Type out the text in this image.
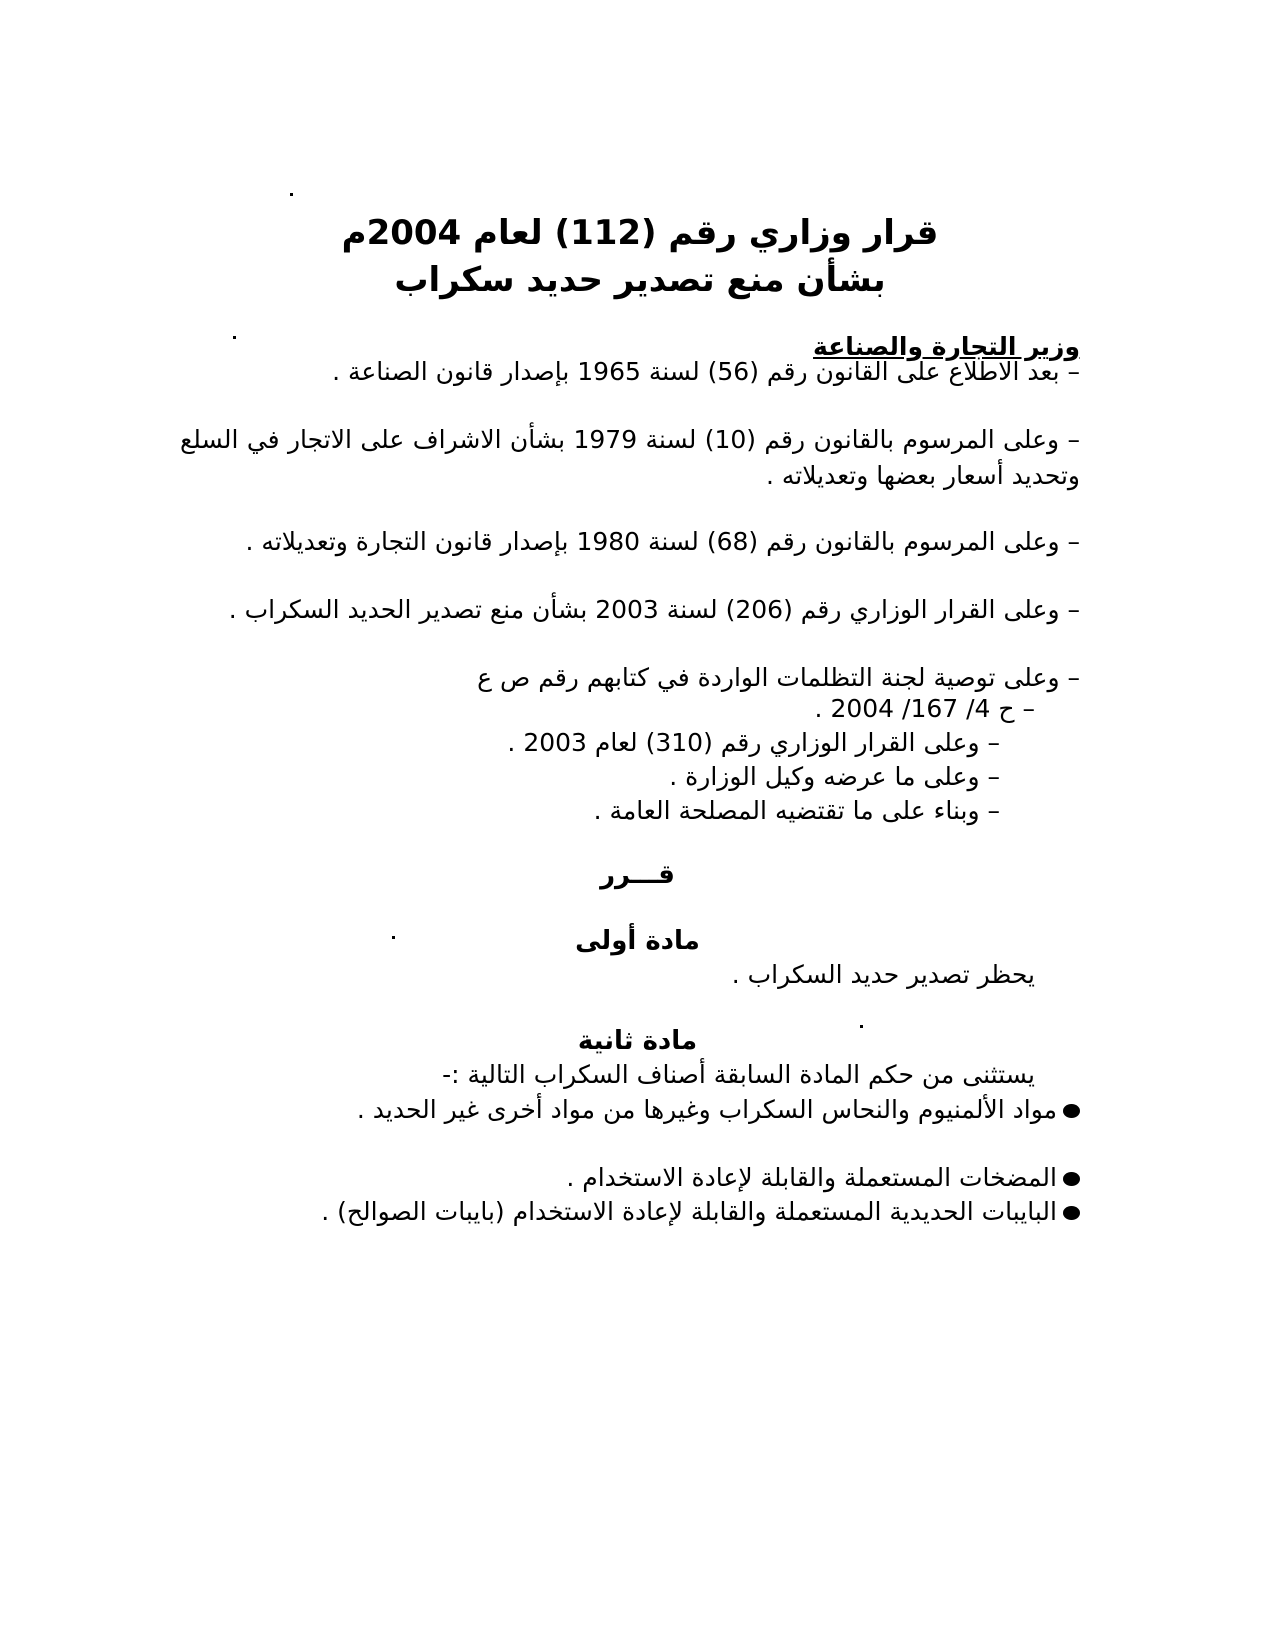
قرار وزاري رقم (112) لعام 2004م
بشأن منع تصدير حديد سكراب
وزير التجارة والصناعة
– بعد الاطلاع على القانون رقم (56) لسنة 1965 بإصدار قانون الصناعة .
– وعلى المرسوم بالقانون رقم (10) لسنة 1979 بشأن الاشراف على الاتجار في السلع وتحديد أسعار بعضها وتعديلاته .
– وعلى المرسوم بالقانون رقم (68) لسنة 1980 بإصدار قانون التجارة وتعديلاته .
– وعلى القرار الوزاري رقم (206) لسنة 2003 بشأن منع تصدير الحديد السكراب .
– وعلى توصية لجنة التظلمات الواردة في كتابهم رقم ص ع
– ح 4/ 167/ 2004 .
– وعلى القرار الوزاري رقم (310) لعام 2003 .
– وعلى ما عرضه وكيل الوزارة .
– وبناء على ما تقتضيه المصلحة العامة .
قـــرر
مادة أولى
يحظر تصدير حديد السكراب .
مادة ثانية
يستثنى من حكم المادة السابقة أصناف السكراب التالية :-
مواد الألمنيوم والنحاس السكراب وغيرها من مواد أخرى غير الحديد .
المضخات المستعملة والقابلة لإعادة الاستخدام .
البايبات الحديدية المستعملة والقابلة لإعادة الاستخدام (بايبات الصوالح) .
